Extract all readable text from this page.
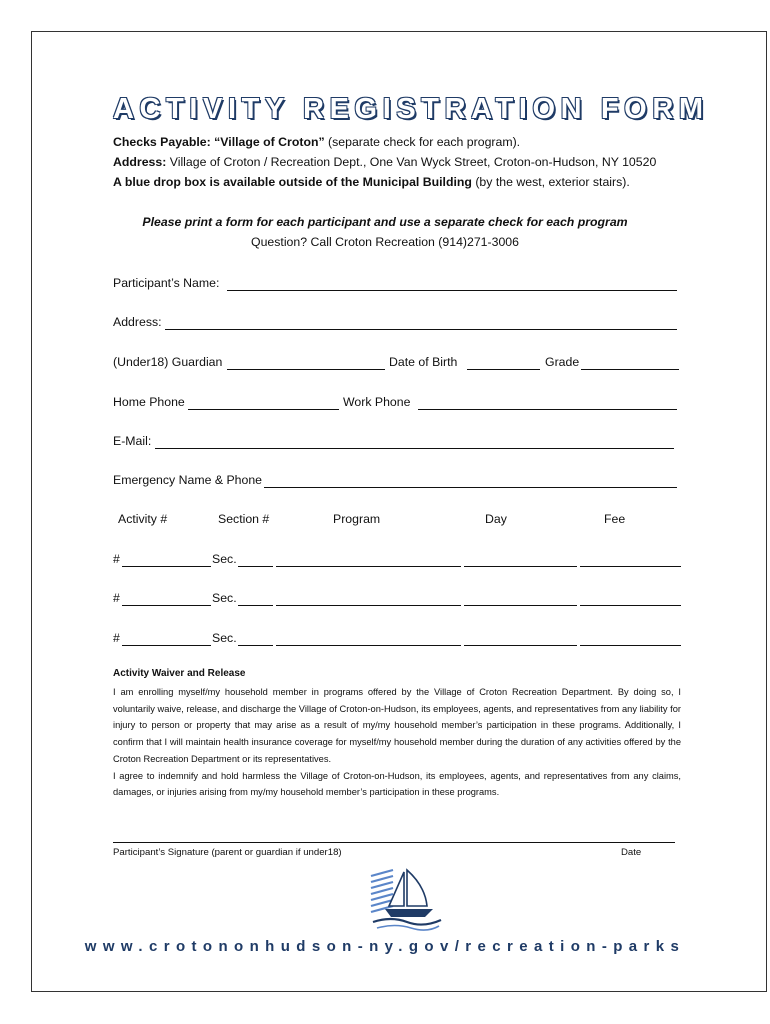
ACTIVITY REGISTRATION FORM
Checks Payable: “Village of Croton” (separate check for each program).
Address: Village of Croton / Recreation Dept., One Van Wyck Street, Croton-on-Hudson, NY 10520
A blue drop box is available outside of the Municipal Building (by the west, exterior stairs).
Please print a form for each participant and use a separate check for each program
Question? Call Croton Recreation (914)271-3006
Participant’s Name:
Address:
(Under18) Guardian	Date of Birth	Grade
Home Phone	Work Phone
E-Mail:
Emergency Name & Phone
Activity #	Section #	Program	Day	Fee
#	Sec.
#	Sec.
#	Sec.
Activity Waiver and Release

I am enrolling myself/my household member in programs offered by the Village of Croton Recreation Department. By doing so, I voluntarily waive, release, and discharge the Village of Croton-on-Hudson, its employees, agents, and representatives from any liability for injury to person or property that may arise as a result of my/my household member’s participation in these programs. Additionally, I confirm that I will maintain health insurance coverage for myself/my household member during the duration of any activities offered by the Croton Recreation Department or its representatives.

I agree to indemnify and hold harmless the Village of Croton-on-Hudson, its employees, agents, and representatives from any claims, damages, or injuries arising from my/my household member’s participation in these programs.

Participant’s Signature (parent or guardian if under18)	Date
www.crotononhudson-ny.gov/recreation-parks
